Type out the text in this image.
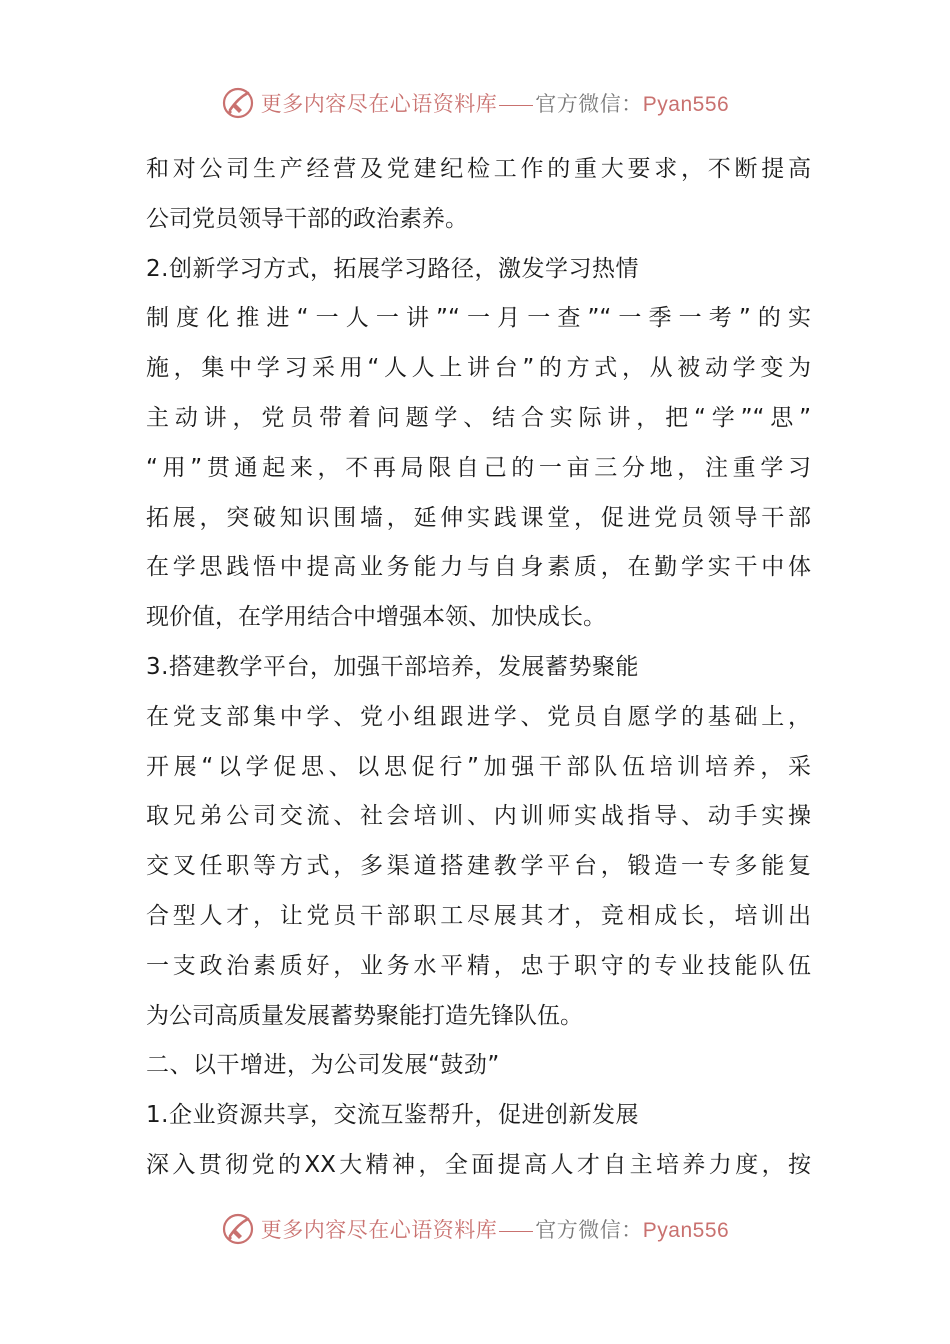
更多内容尽在心语资料库 官方微信：Pyan556
和对公司生产经营及党建纪检工作的重大要求，不断提高
公司党员领导干部的政治素养。
2.创新学习方式，拓展学习路径，激发学习热情
制度化推进“一人一讲”“一月一查”“一季一考”的实
施，集中学习采用“人人上讲台”的方式，从被动学变为
主动讲，党员带着问题学、结合实际讲，把“学”“思”
“用”贯通起来，不再局限自己的一亩三分地，注重学习
拓展，突破知识围墙，延伸实践课堂，促进党员领导干部
在学思践悟中提高业务能力与自身素质，在勤学实干中体
现价值，在学用结合中增强本领、加快成长。
3.搭建教学平台，加强干部培养，发展蓄势聚能
在党支部集中学、党小组跟进学、党员自愿学的基础上，
开展“以学促思、以思促行”加强干部队伍培训培养，采
取兄弟公司交流、社会培训、内训师实战指导、动手实操
交叉任职等方式，多渠道搭建教学平台，锻造一专多能复
合型人才，让党员干部职工尽展其才，竞相成长，培训出
一支政治素质好，业务水平精，忠于职守的专业技能队伍
为公司高质量发展蓄势聚能打造先锋队伍。
二、以干增进，为公司发展“鼓劲”
1.企业资源共享，交流互鉴帮升，促进创新发展
深入贯彻党的XX大精神，全面提高人才自主培养力度，按
更多内容尽在心语资料库 官方微信：Pyan556
